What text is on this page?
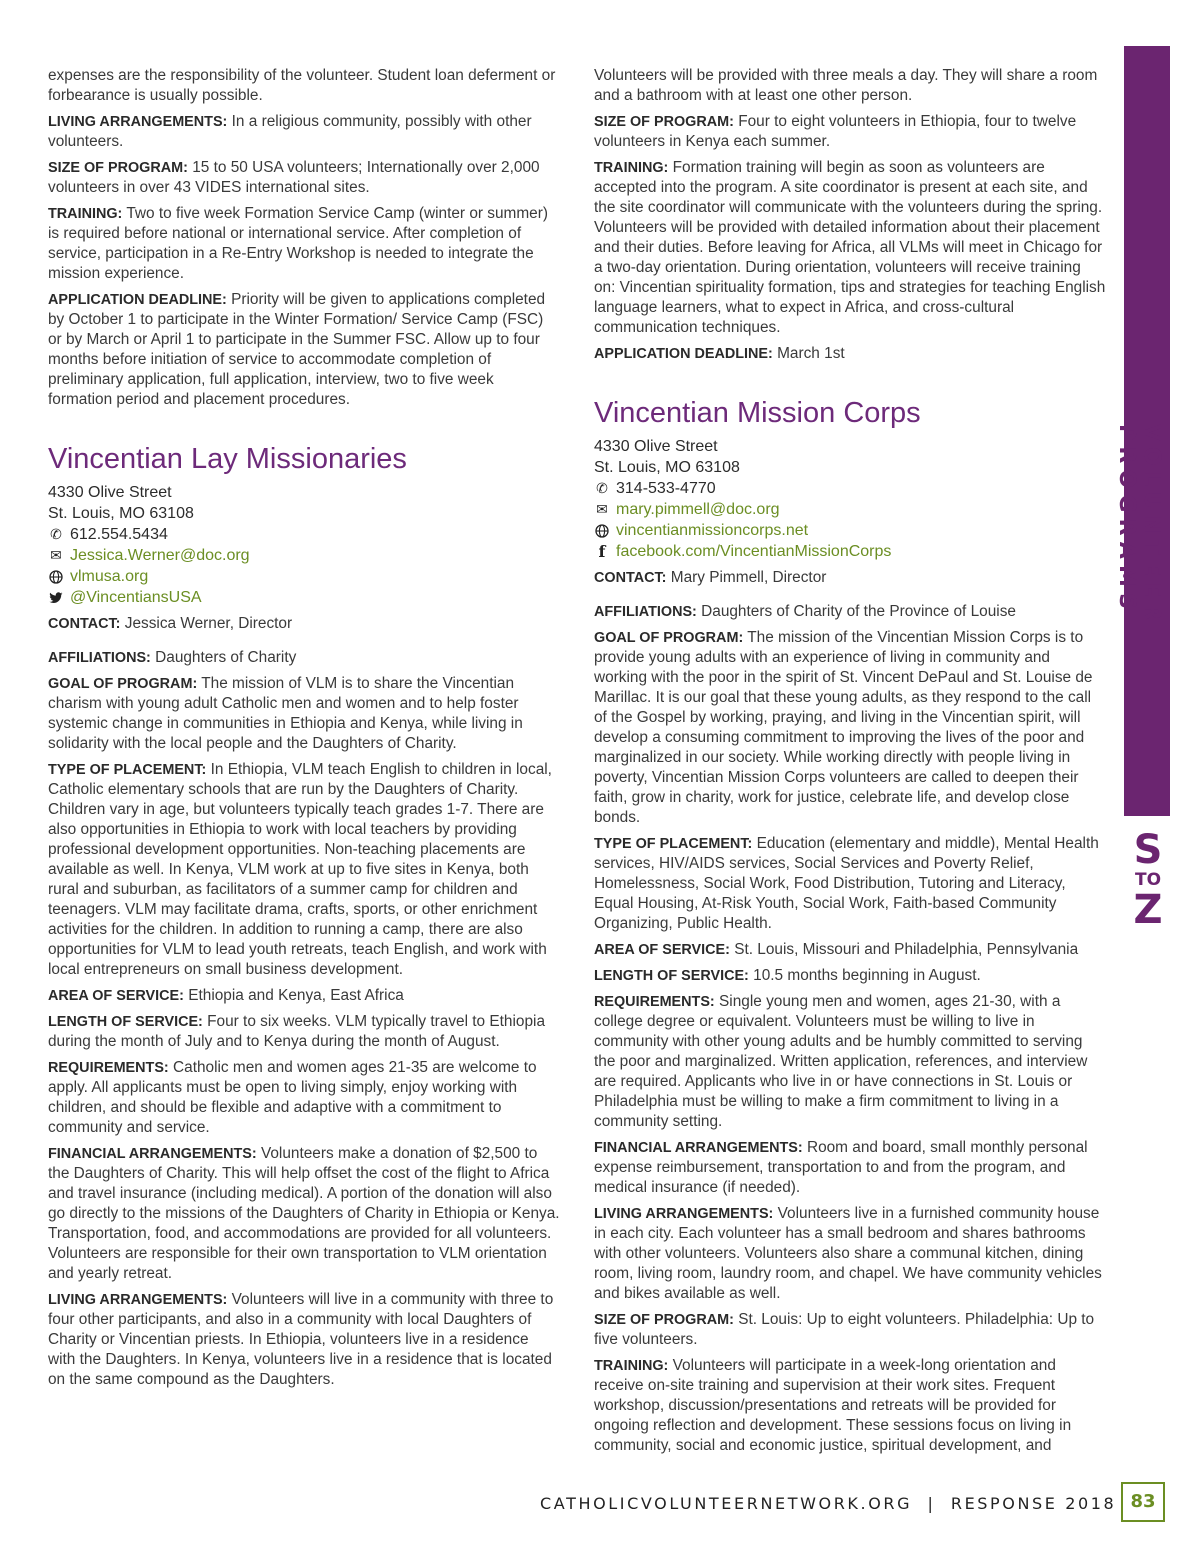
expenses are the responsibility of the volunteer. Student loan deferment or forbearance is usually possible.

LIVING ARRANGEMENTS: In a religious community, possibly with other volunteers.

SIZE OF PROGRAM: 15 to 50 USA volunteers; Internationally over 2,000 volunteers in over 43 VIDES international sites.

TRAINING: Two to five week Formation Service Camp (winter or summer) is required before national or international service. After completion of service, participation in a Re-Entry Workshop is needed to integrate the mission experience.

APPLICATION DEADLINE: Priority will be given to applications completed by October 1 to participate in the Winter Formation/ Service Camp (FSC) or by March or April 1 to participate in the Summer FSC. Allow up to four months before initiation of service to accommodate completion of preliminary application, full application, interview, two to five week formation period and placement procedures.

Vincentian Lay Missionaries
4330 Olive Street
St. Louis, MO 63108
✆ 612.554.5434
✉ Jessica.Werner@doc.org
vlmusa.org
@VincentiansUSA

CONTACT: Jessica Werner, Director

AFFILIATIONS: Daughters of Charity

GOAL OF PROGRAM: The mission of VLM is to share the Vincentian charism with young adult Catholic men and women and to help foster systemic change in communities in Ethiopia and Kenya, while living in solidarity with the local people and the Daughters of Charity.

TYPE OF PLACEMENT: In Ethiopia, VLM teach English to children in local, Catholic elementary schools that are run by the Daughters of Charity. Children vary in age, but volunteers typically teach grades 1-7. There are also opportunities in Ethiopia to work with local teachers by providing professional development opportunities. Non-teaching placements are available as well. In Kenya, VLM work at up to five sites in Kenya, both rural and suburban, as facilitators of a summer camp for children and teenagers. VLM may facilitate drama, crafts, sports, or other enrichment activities for the children. In addition to running a camp, there are also opportunities for VLM to lead youth retreats, teach English, and work with local entrepreneurs on small business development.

AREA OF SERVICE: Ethiopia and Kenya, East Africa

LENGTH OF SERVICE: Four to six weeks. VLM typically travel to Ethiopia during the month of July and to Kenya during the month of August.

REQUIREMENTS: Catholic men and women ages 21-35 are welcome to apply. All applicants must be open to living simply, enjoy working with children, and should be flexible and adaptive with a commitment to community and service.

FINANCIAL ARRANGEMENTS: Volunteers make a donation of $2,500 to the Daughters of Charity. This will help offset the cost of the flight to Africa and travel insurance (including medical). A portion of the donation will also go directly to the missions of the Daughters of Charity in Ethiopia or Kenya. Transportation, food, and accommodations are provided for all volunteers. Volunteers are responsible for their own transportation to VLM orientation and yearly retreat.

LIVING ARRANGEMENTS: Volunteers will live in a community with three to four other participants, and also in a community with local Daughters of Charity or Vincentian priests. In Ethiopia, volunteers live in a residence with the Daughters. In Kenya, volunteers live in a residence that is located on the same compound as the Daughters.

Volunteers will be provided with three meals a day. They will share a room and a bathroom with at least one other person.

SIZE OF PROGRAM: Four to eight volunteers in Ethiopia, four to twelve volunteers in Kenya each summer.

TRAINING: Formation training will begin as soon as volunteers are accepted into the program. A site coordinator is present at each site, and the site coordinator will communicate with the volunteers during the spring. Volunteers will be provided with detailed information about their placement and their duties. Before leaving for Africa, all VLMs will meet in Chicago for a two-day orientation. During orientation, volunteers will receive training on: Vincentian spirituality formation, tips and strategies for teaching English language learners, what to expect in Africa, and cross-cultural communication techniques.

APPLICATION DEADLINE: March 1st

Vincentian Mission Corps
4330 Olive Street
St. Louis, MO 63108
✆ 314-533-4770
✉ mary.pimmell@doc.org
vincentianmissioncorps.net
f facebook.com/VincentianMissionCorps

CONTACT: Mary Pimmell, Director

AFFILIATIONS: Daughters of Charity of the Province of Louise

GOAL OF PROGRAM: The mission of the Vincentian Mission Corps is to provide young adults with an experience of living in community and working with the poor in the spirit of St. Vincent DePaul and St. Louise de Marillac. It is our goal that these young adults, as they respond to the call of the Gospel by working, praying, and living in the Vincentian spirit, will develop a consuming commitment to improving the lives of the poor and marginalized in our society. While working directly with people living in poverty, Vincentian Mission Corps volunteers are called to deepen their faith, grow in charity, work for justice, celebrate life, and develop close bonds.

TYPE OF PLACEMENT: Education (elementary and middle), Mental Health services, HIV/AIDS services, Social Services and Poverty Relief, Homelessness, Social Work, Food Distribution, Tutoring and Literacy, Equal Housing, At-Risk Youth, Social Work, Faith-based Community Organizing, Public Health.

AREA OF SERVICE: St. Louis, Missouri and Philadelphia, Pennsylvania

LENGTH OF SERVICE: 10.5 months beginning in August.

REQUIREMENTS: Single young men and women, ages 21-30, with a college degree or equivalent. Volunteers must be willing to live in community with other young adults and be humbly committed to serving the poor and marginalized. Written application, references, and interview are required. Applicants who live in or have connections in St. Louis or Philadelphia must be willing to make a firm commitment to living in a community setting.

FINANCIAL ARRANGEMENTS: Room and board, small monthly personal expense reimbursement, transportation to and from the program, and medical insurance (if needed).

LIVING ARRANGEMENTS: Volunteers live in a furnished community house in each city. Each volunteer has a small bedroom and shares bathrooms with other volunteers. Volunteers also share a communal kitchen, dining room, living room, laundry room, and chapel. We have community vehicles and bikes available as well.

SIZE OF PROGRAM: St. Louis: Up to eight volunteers. Philadelphia: Up to five volunteers.

TRAINING: Volunteers will participate in a week-long orientation and receive on-site training and supervision at their work sites. Frequent workshop, discussion/presentations and retreats will be provided for ongoing reflection and development. These sessions focus on living in community, social and economic justice, spiritual development, and

VOLUNTEER PROGRAMS
S
TO
Z
CATHOLICVOLUNTEERNETWORK.ORG  |  RESPONSE 2018 83
